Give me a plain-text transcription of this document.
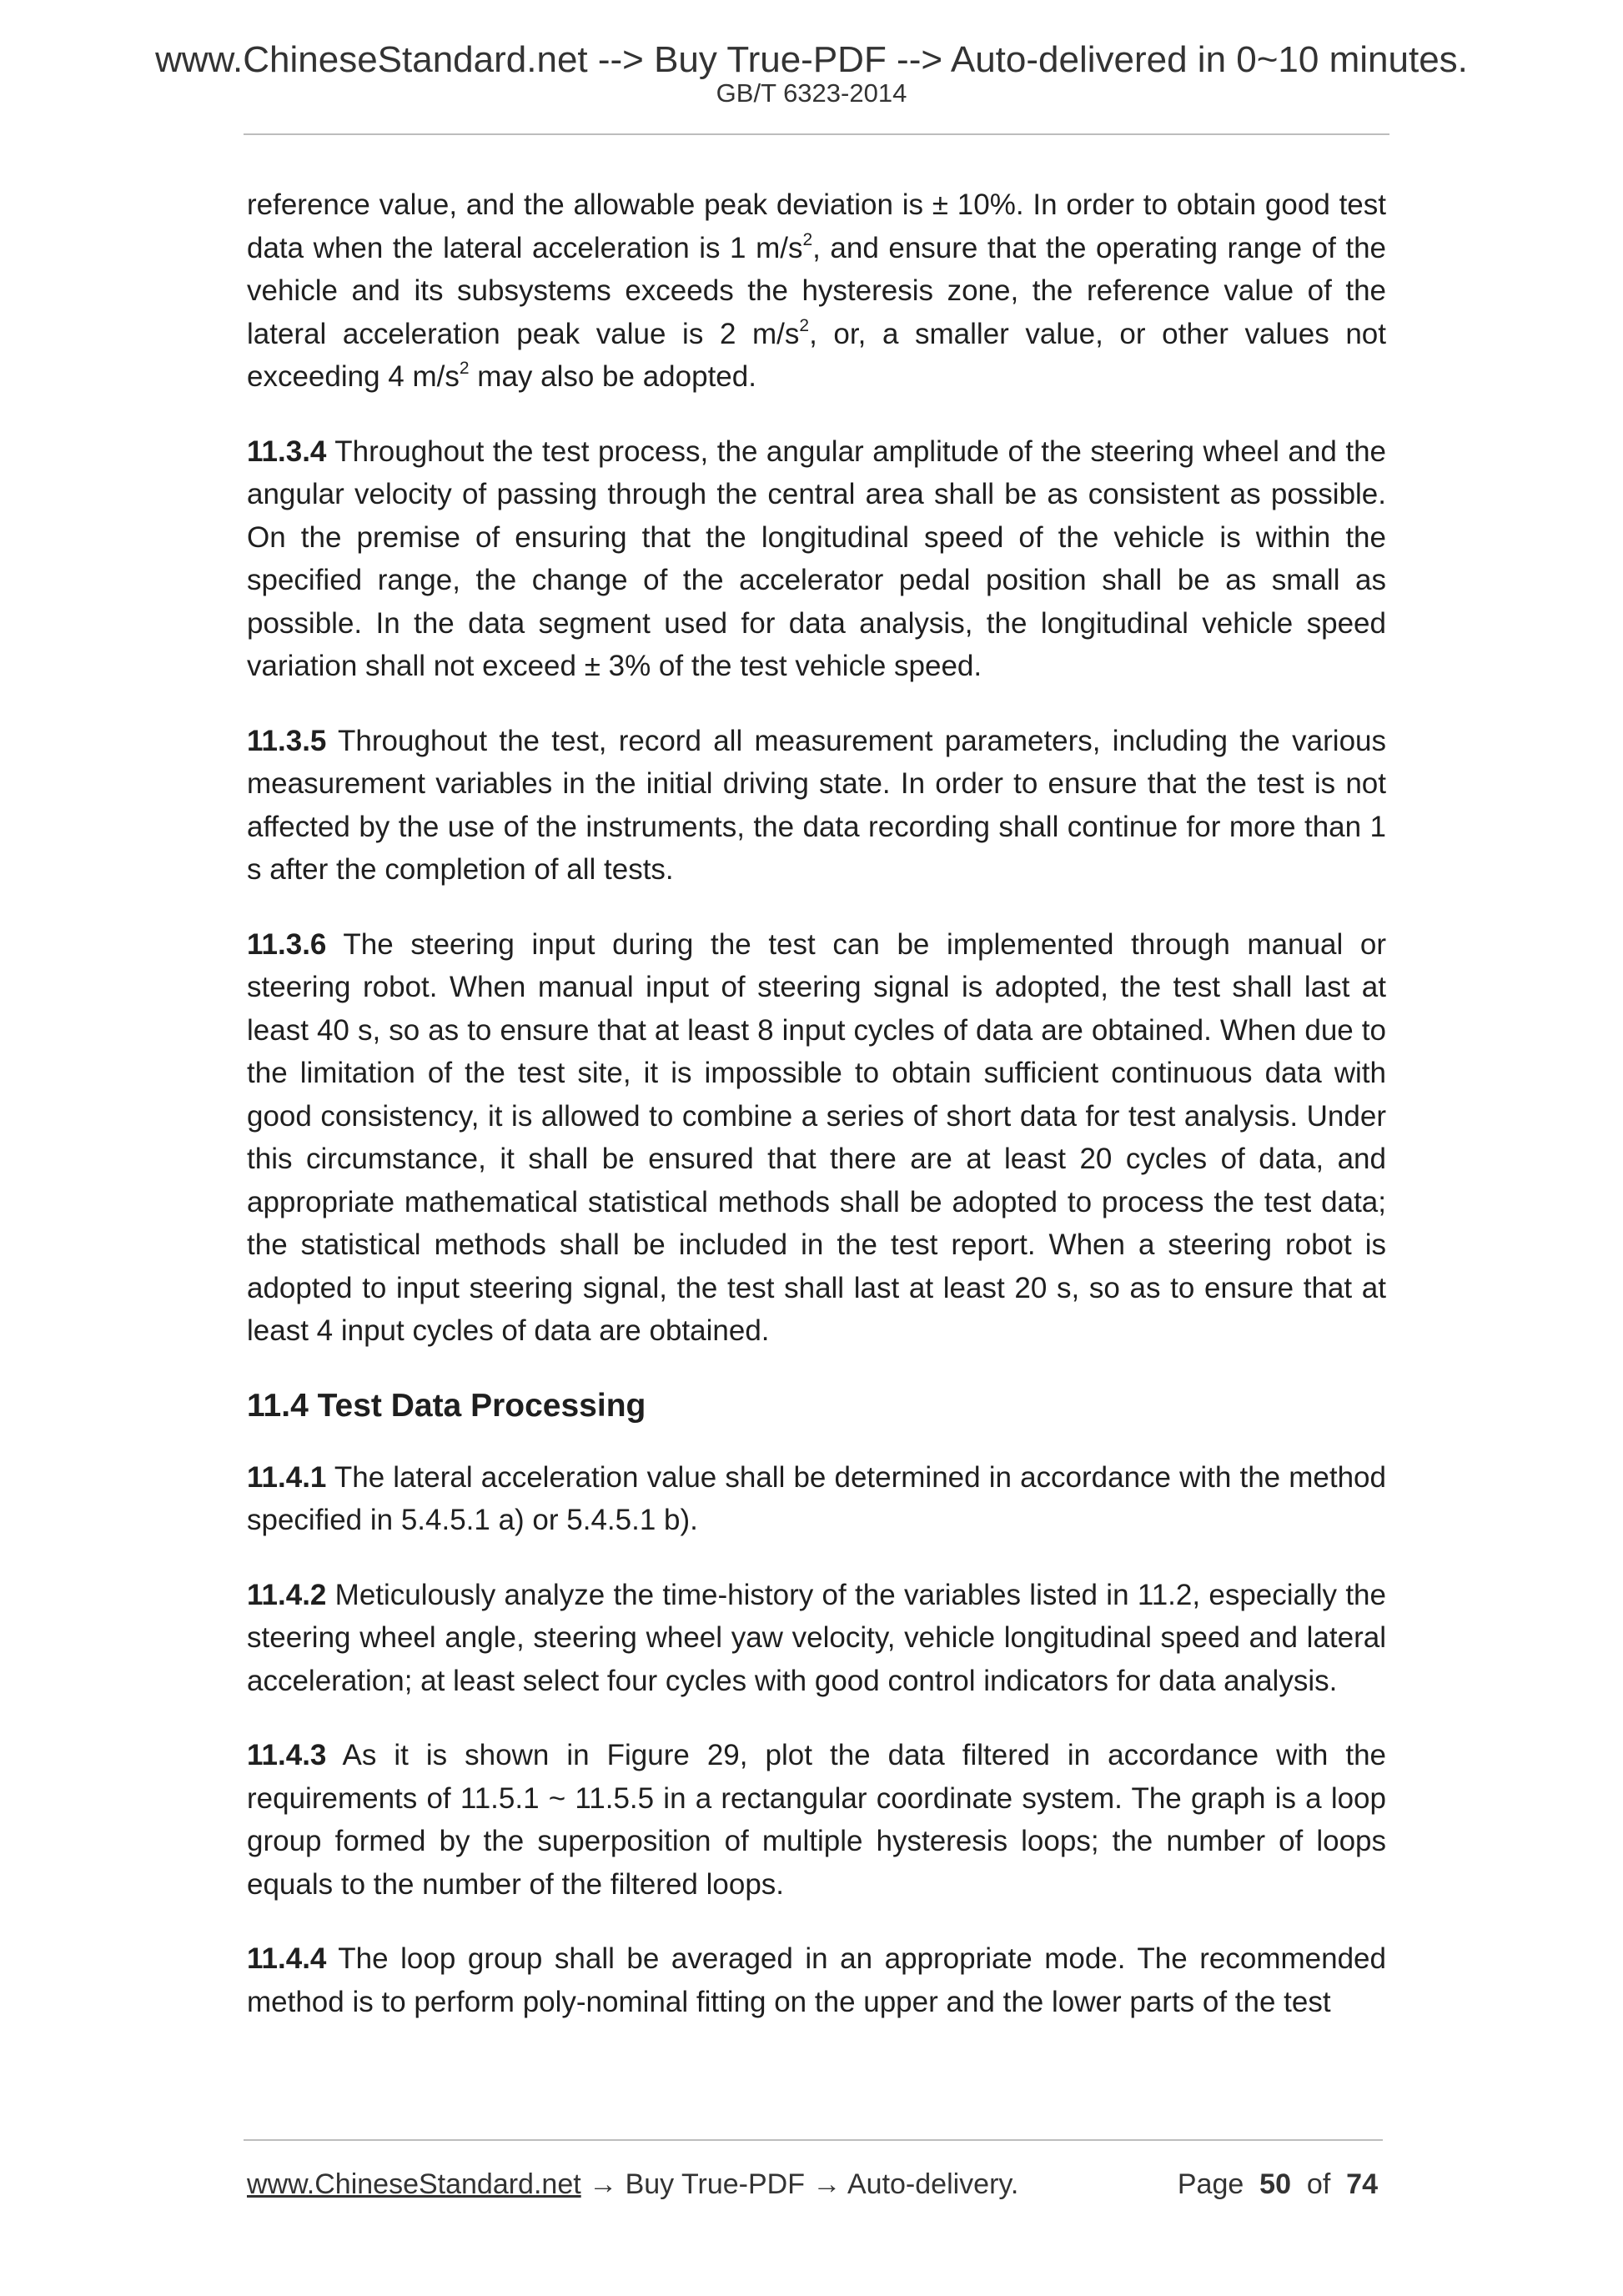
www.ChineseStandard.net --> Buy True-PDF --> Auto-delivered in 0~10 minutes.
GB/T 6323-2014

reference value, and the allowable peak deviation is ± 10%. In order to obtain good test data when the lateral acceleration is 1 $m/s^2$, and ensure that the operating range of the vehicle and its subsystems exceeds the hysteresis zone, the reference value of the lateral acceleration peak value is 2 $m/s^2$, or, a smaller value, or other values not exceeding 4 $m/s^2$ may also be adopted.

11.3.4 Throughout the test process, the angular amplitude of the steering wheel and the angular velocity of passing through the central area shall be as consistent as possible. On the premise of ensuring that the longitudinal speed of the vehicle is within the specified range, the change of the accelerator pedal position shall be as small as possible. In the data segment used for data analysis, the longitudinal vehicle speed variation shall not exceed ± 3% of the test vehicle speed.

11.3.5 Throughout the test, record all measurement parameters, including the various measurement variables in the initial driving state. In order to ensure that the test is not affected by the use of the instruments, the data recording shall continue for more than 1 s after the completion of all tests.

11.3.6 The steering input during the test can be implemented through manual or steering robot. When manual input of steering signal is adopted, the test shall last at least 40 s, so as to ensure that at least 8 input cycles of data are obtained. When due to the limitation of the test site, it is impossible to obtain sufficient continuous data with good consistency, it is allowed to combine a series of short data for test analysis. Under this circumstance, it shall be ensured that there are at least 20 cycles of data, and appropriate mathematical statistical methods shall be adopted to process the test data; the statistical methods shall be included in the test report. When a steering robot is adopted to input steering signal, the test shall last at least 20 s, so as to ensure that at least 4 input cycles of data are obtained.

11.4 Test Data Processing

11.4.1 The lateral acceleration value shall be determined in accordance with the method specified in 5.4.5.1 a) or 5.4.5.1 b).

11.4.2 Meticulously analyze the time-history of the variables listed in 11.2, especially the steering wheel angle, steering wheel yaw velocity, vehicle longitudinal speed and lateral acceleration; at least select four cycles with good control indicators for data analysis.

11.4.3 As it is shown in Figure 29, plot the data filtered in accordance with the requirements of 11.5.1 ~ 11.5.5 in a rectangular coordinate system. The graph is a loop group formed by the superposition of multiple hysteresis loops; the number of loops equals to the number of the filtered loops.

11.4.4 The loop group shall be averaged in an appropriate mode. The recommended method is to perform poly-nominal fitting on the upper and the lower parts of the test

www.ChineseStandard.net → Buy True-PDF → Auto-delivery.	Page 50 of 74
